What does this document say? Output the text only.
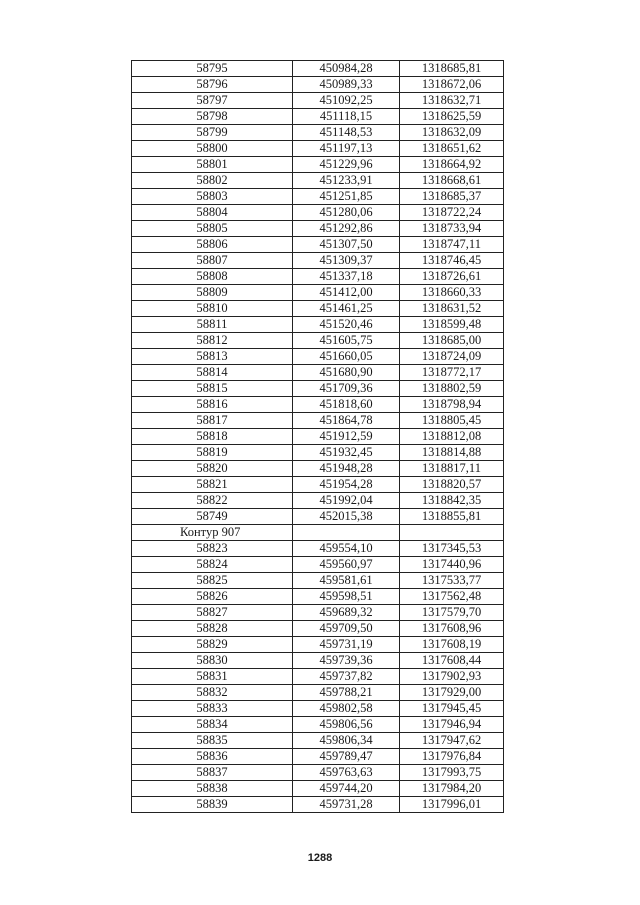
58795	450984,28	1318685,81
58796	450989,33	1318672,06
58797	451092,25	1318632,71
58798	451118,15	1318625,59
58799	451148,53	1318632,09
58800	451197,13	1318651,62
58801	451229,96	1318664,92
58802	451233,91	1318668,61
58803	451251,85	1318685,37
58804	451280,06	1318722,24
58805	451292,86	1318733,94
58806	451307,50	1318747,11
58807	451309,37	1318746,45
58808	451337,18	1318726,61
58809	451412,00	1318660,33
58810	451461,25	1318631,52
58811	451520,46	1318599,48
58812	451605,75	1318685,00
58813	451660,05	1318724,09
58814	451680,90	1318772,17
58815	451709,36	1318802,59
58816	451818,60	1318798,94
58817	451864,78	1318805,45
58818	451912,59	1318812,08
58819	451932,45	1318814,88
58820	451948,28	1318817,11
58821	451954,28	1318820,57
58822	451992,04	1318842,35
58749	452015,38	1318855,81
Контур 907		
58823	459554,10	1317345,53
58824	459560,97	1317440,96
58825	459581,61	1317533,77
58826	459598,51	1317562,48
58827	459689,32	1317579,70
58828	459709,50	1317608,96
58829	459731,19	1317608,19
58830	459739,36	1317608,44
58831	459737,82	1317902,93
58832	459788,21	1317929,00
58833	459802,58	1317945,45
58834	459806,56	1317946,94
58835	459806,34	1317947,62
58836	459789,47	1317976,84
58837	459763,63	1317993,75
58838	459744,20	1317984,20
58839	459731,28	1317996,01
1288
